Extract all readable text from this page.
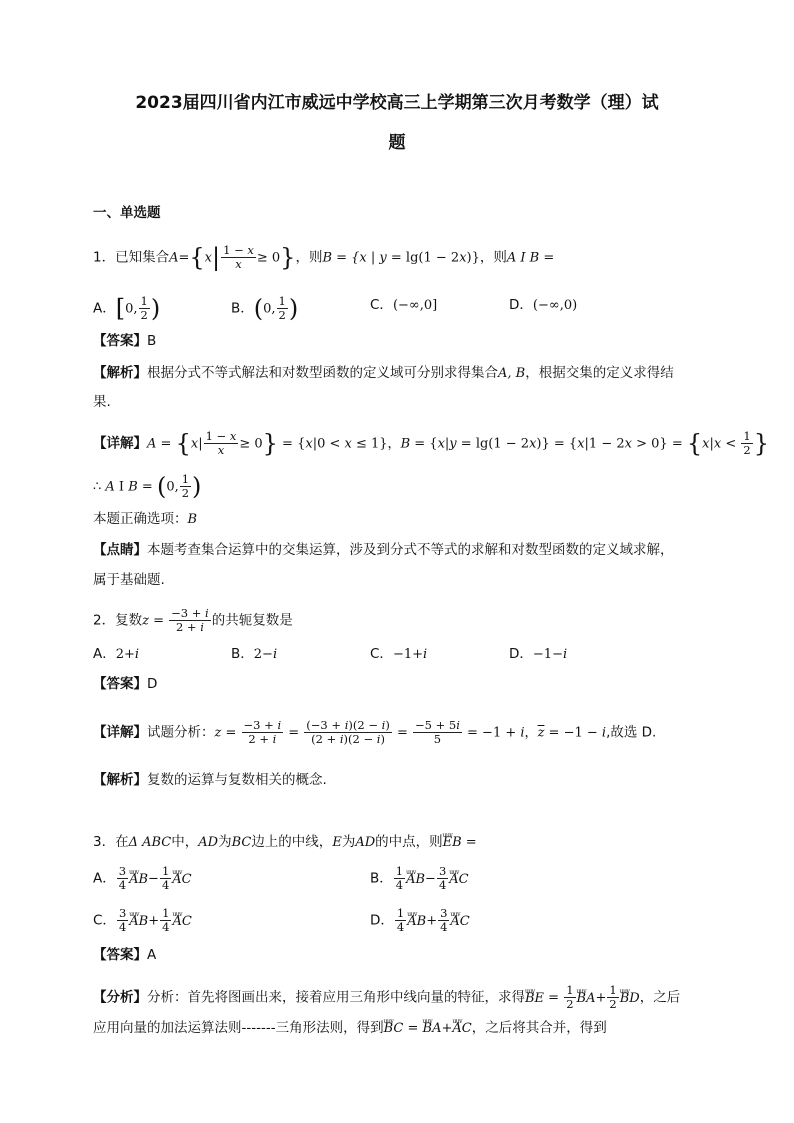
2023届四川省内江市威远中学校高三上学期第三次月考数学（理）试
题
一、单选题
1．已知集合$A=\{x| \frac{1 - x}{x} \ge 0\}$，则B = {x | y = lg(1 − 2x)}，则A I B =
A．[0, $\frac{1}{2}$ )	B．(0, $\frac{1}{2}$ )	C．(−∞,0]	D．(−∞,0)
【答案】B
【解析】根据分式不等式解法和对数型函数的定义域可分别求得集合A, B，根据交集的定义求得结
果.
【详解】$A = \{x| \frac{1 - x}{x} \ge 0\} = \{x|0 < x \le 1\}$，$B = \{x|y = \lg(1 - 2x)\} = \{x|1 - 2x > 0\} = \{x|x < \frac{1}{2}$ }
∴ A I B = (0, $\frac{1}{2}$ )
本题正确选项：B
【点睛】本题考查集合运算中的交集运算，涉及到分式不等式的求解和对数型函数的定义域求解，
属于基础题.
2．复数$z = \frac{-3 + i}{2 + i}$ 的共轭复数是
A．2+i	B．2−i	C．−1+i	D．−1−i
【答案】D
【详解】试题分析：$z = \frac{-3 + i}{2 + i} = \frac{(-3 + i)(2 - i)}{(2 + i)(2 - i)} = \frac{-5 + 5i}{5} = -1 + i$，$\overline{z} = -1 - i$,故选 D.
【解析】复数的运算与复数相关的概念.
3．在Δ ABC中，AD为BC边上的中线，E为AD的中点，则uuv EB =
A． $\frac{3}{4}$ uuv $AB- \frac{1}{4}$ uuv AC	B． $\frac{1}{4}$ uuv $AB- \frac{3}{4}$ uuv AC
C． $\frac{3}{4}$ uuv $AB+ \frac{1}{4}$ uuv AC	D． $\frac{1}{4}$ uuv $AB+ \frac{3}{4}$ uuv AC
【答案】A
【分析】分析：首先将图画出来，接着应用三角形中线向量的特征，求得uuv BE = $\frac{1}{2}$ uuv $BA+ \frac{1}{2}$ uuv BD，之后
应用向量的加法运算法则-------三角形法则，得到uuv BC = uuv BA+uuv AC，之后将其合并，得到
